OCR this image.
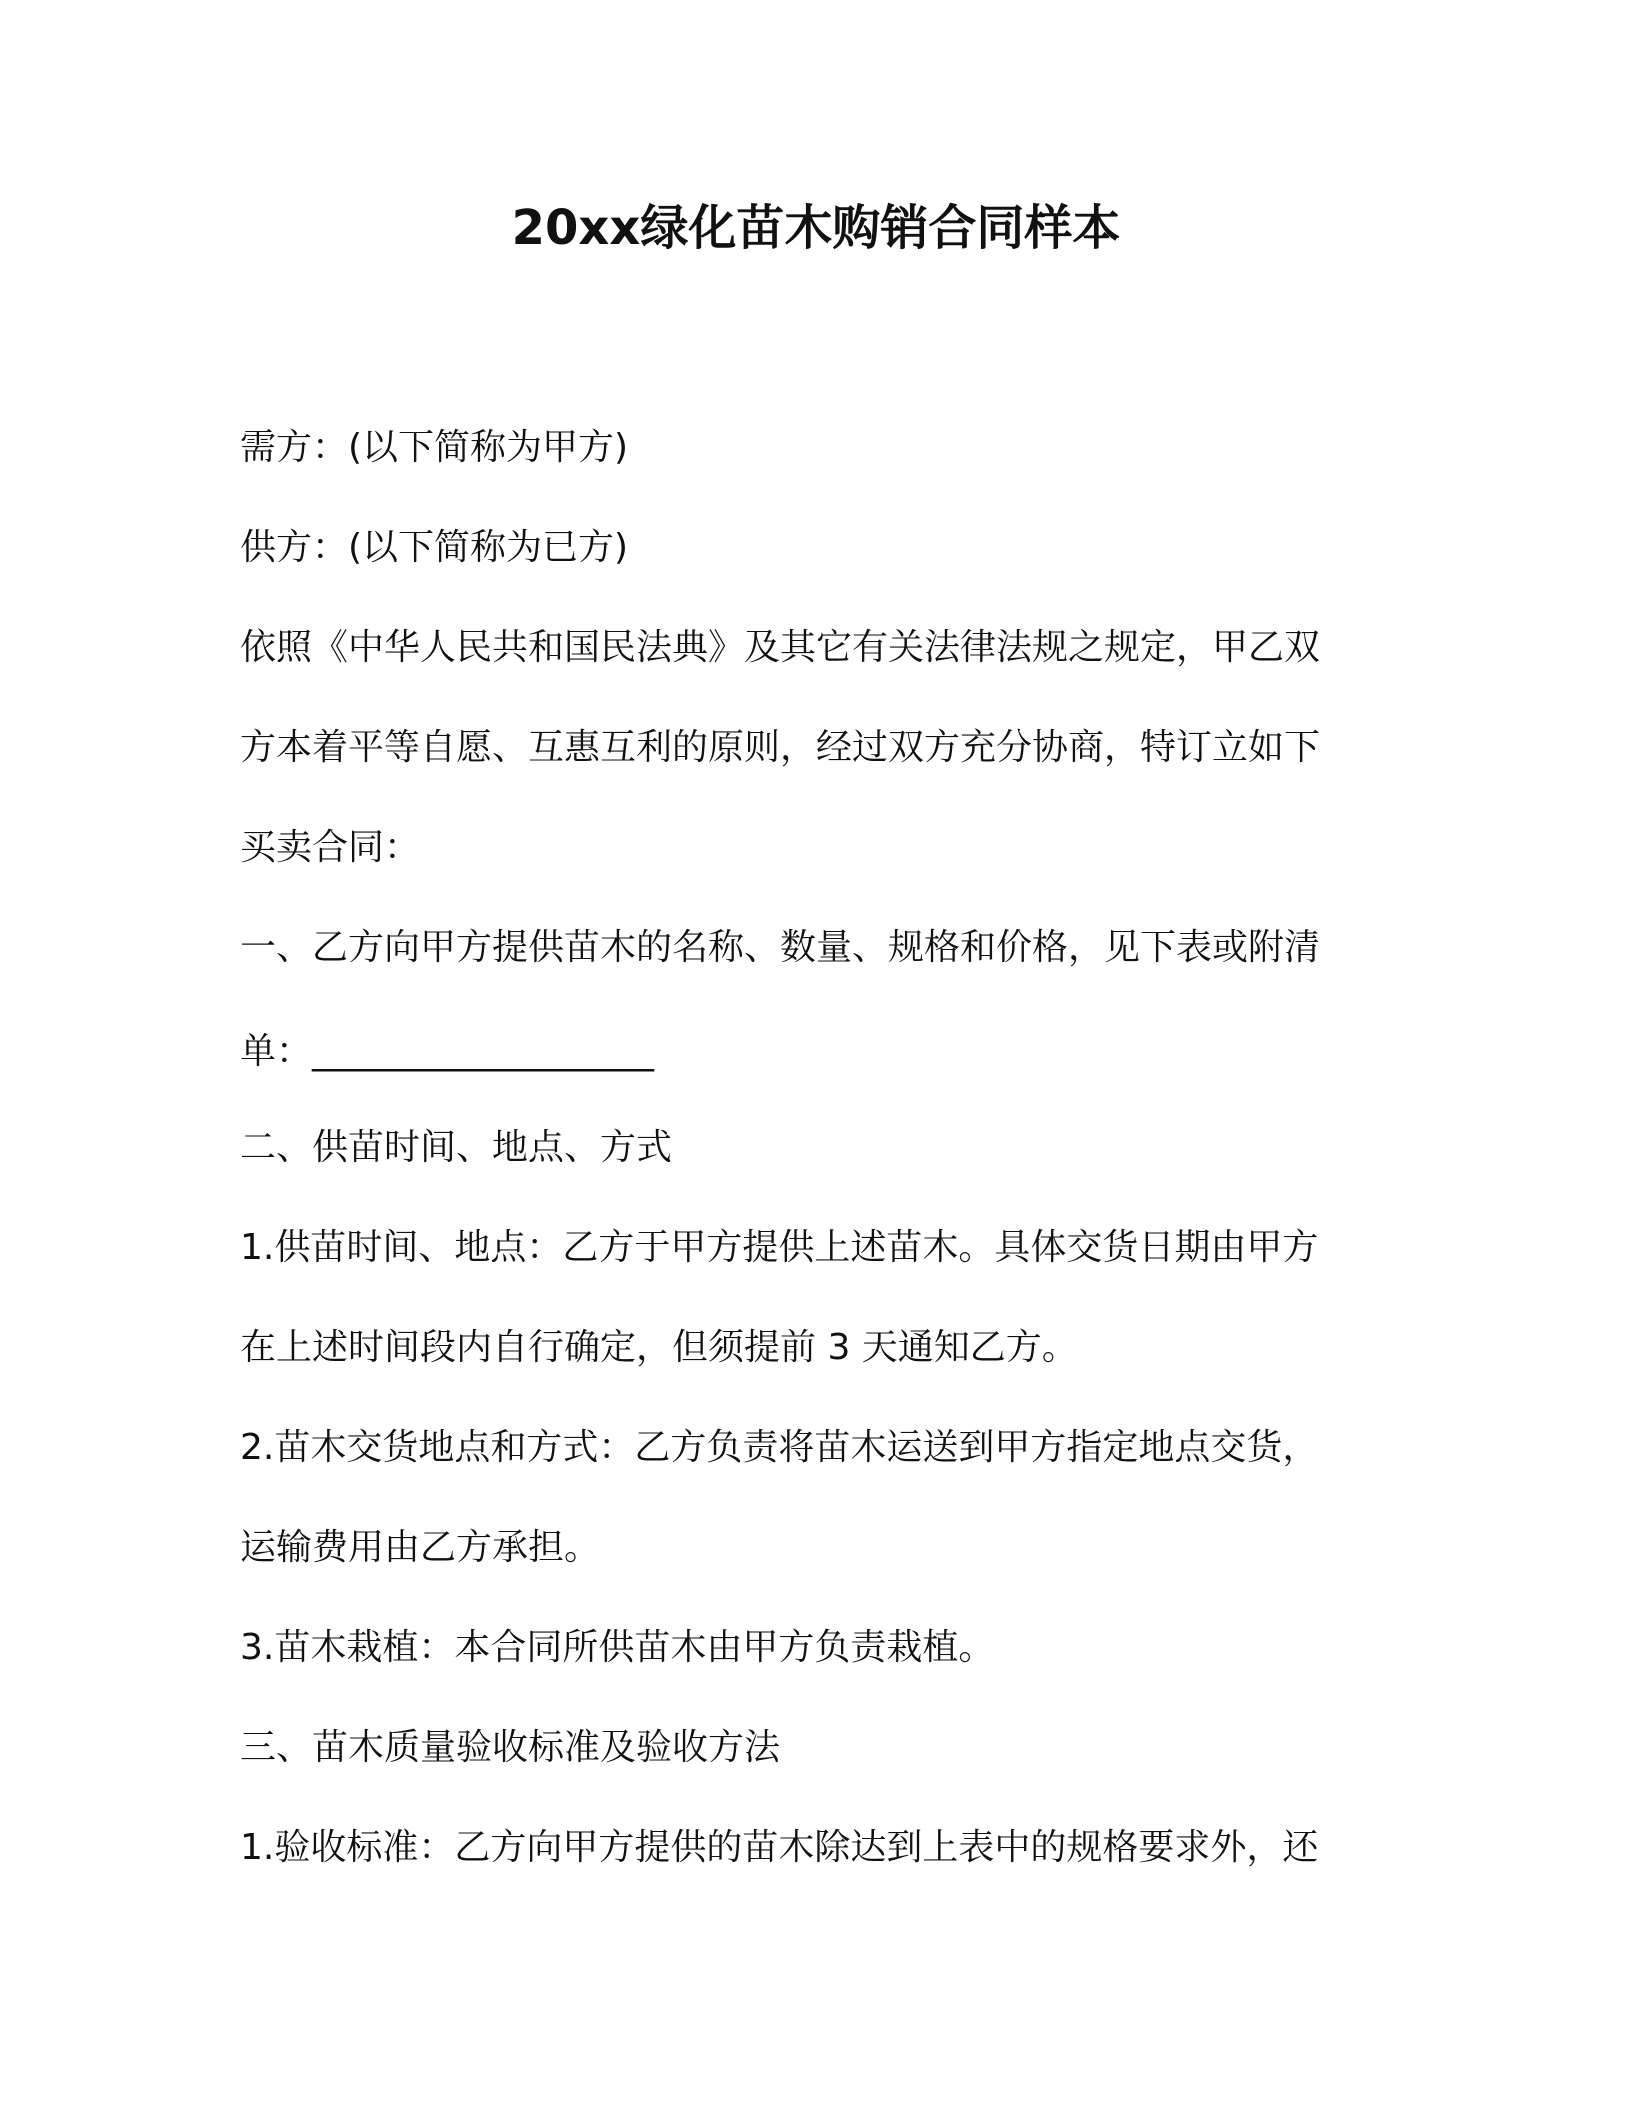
20xx绿化苗木购销合同样本
需方：(以下简称为甲方)
供方：(以下简称为已方)
依照《中华人民共和国民法典》及其它有关法律法规之规定，甲乙双
方本着平等自愿、互惠互利的原则，经过双方充分协商，特订立如下
买卖合同：
一、乙方向甲方提供苗木的名称、数量、规格和价格，见下表或附清
单：___________________
二、供苗时间、地点、方式
1.供苗时间、地点：乙方于甲方提供上述苗木。具体交货日期由甲方
在上述时间段内自行确定，但须提前 3 天通知乙方。
2.苗木交货地点和方式：乙方负责将苗木运送到甲方指定地点交货，
运输费用由乙方承担。
3.苗木栽植：本合同所供苗木由甲方负责栽植。
三、苗木质量验收标准及验收方法
1.验收标准：乙方向甲方提供的苗木除达到上表中的规格要求外，还
